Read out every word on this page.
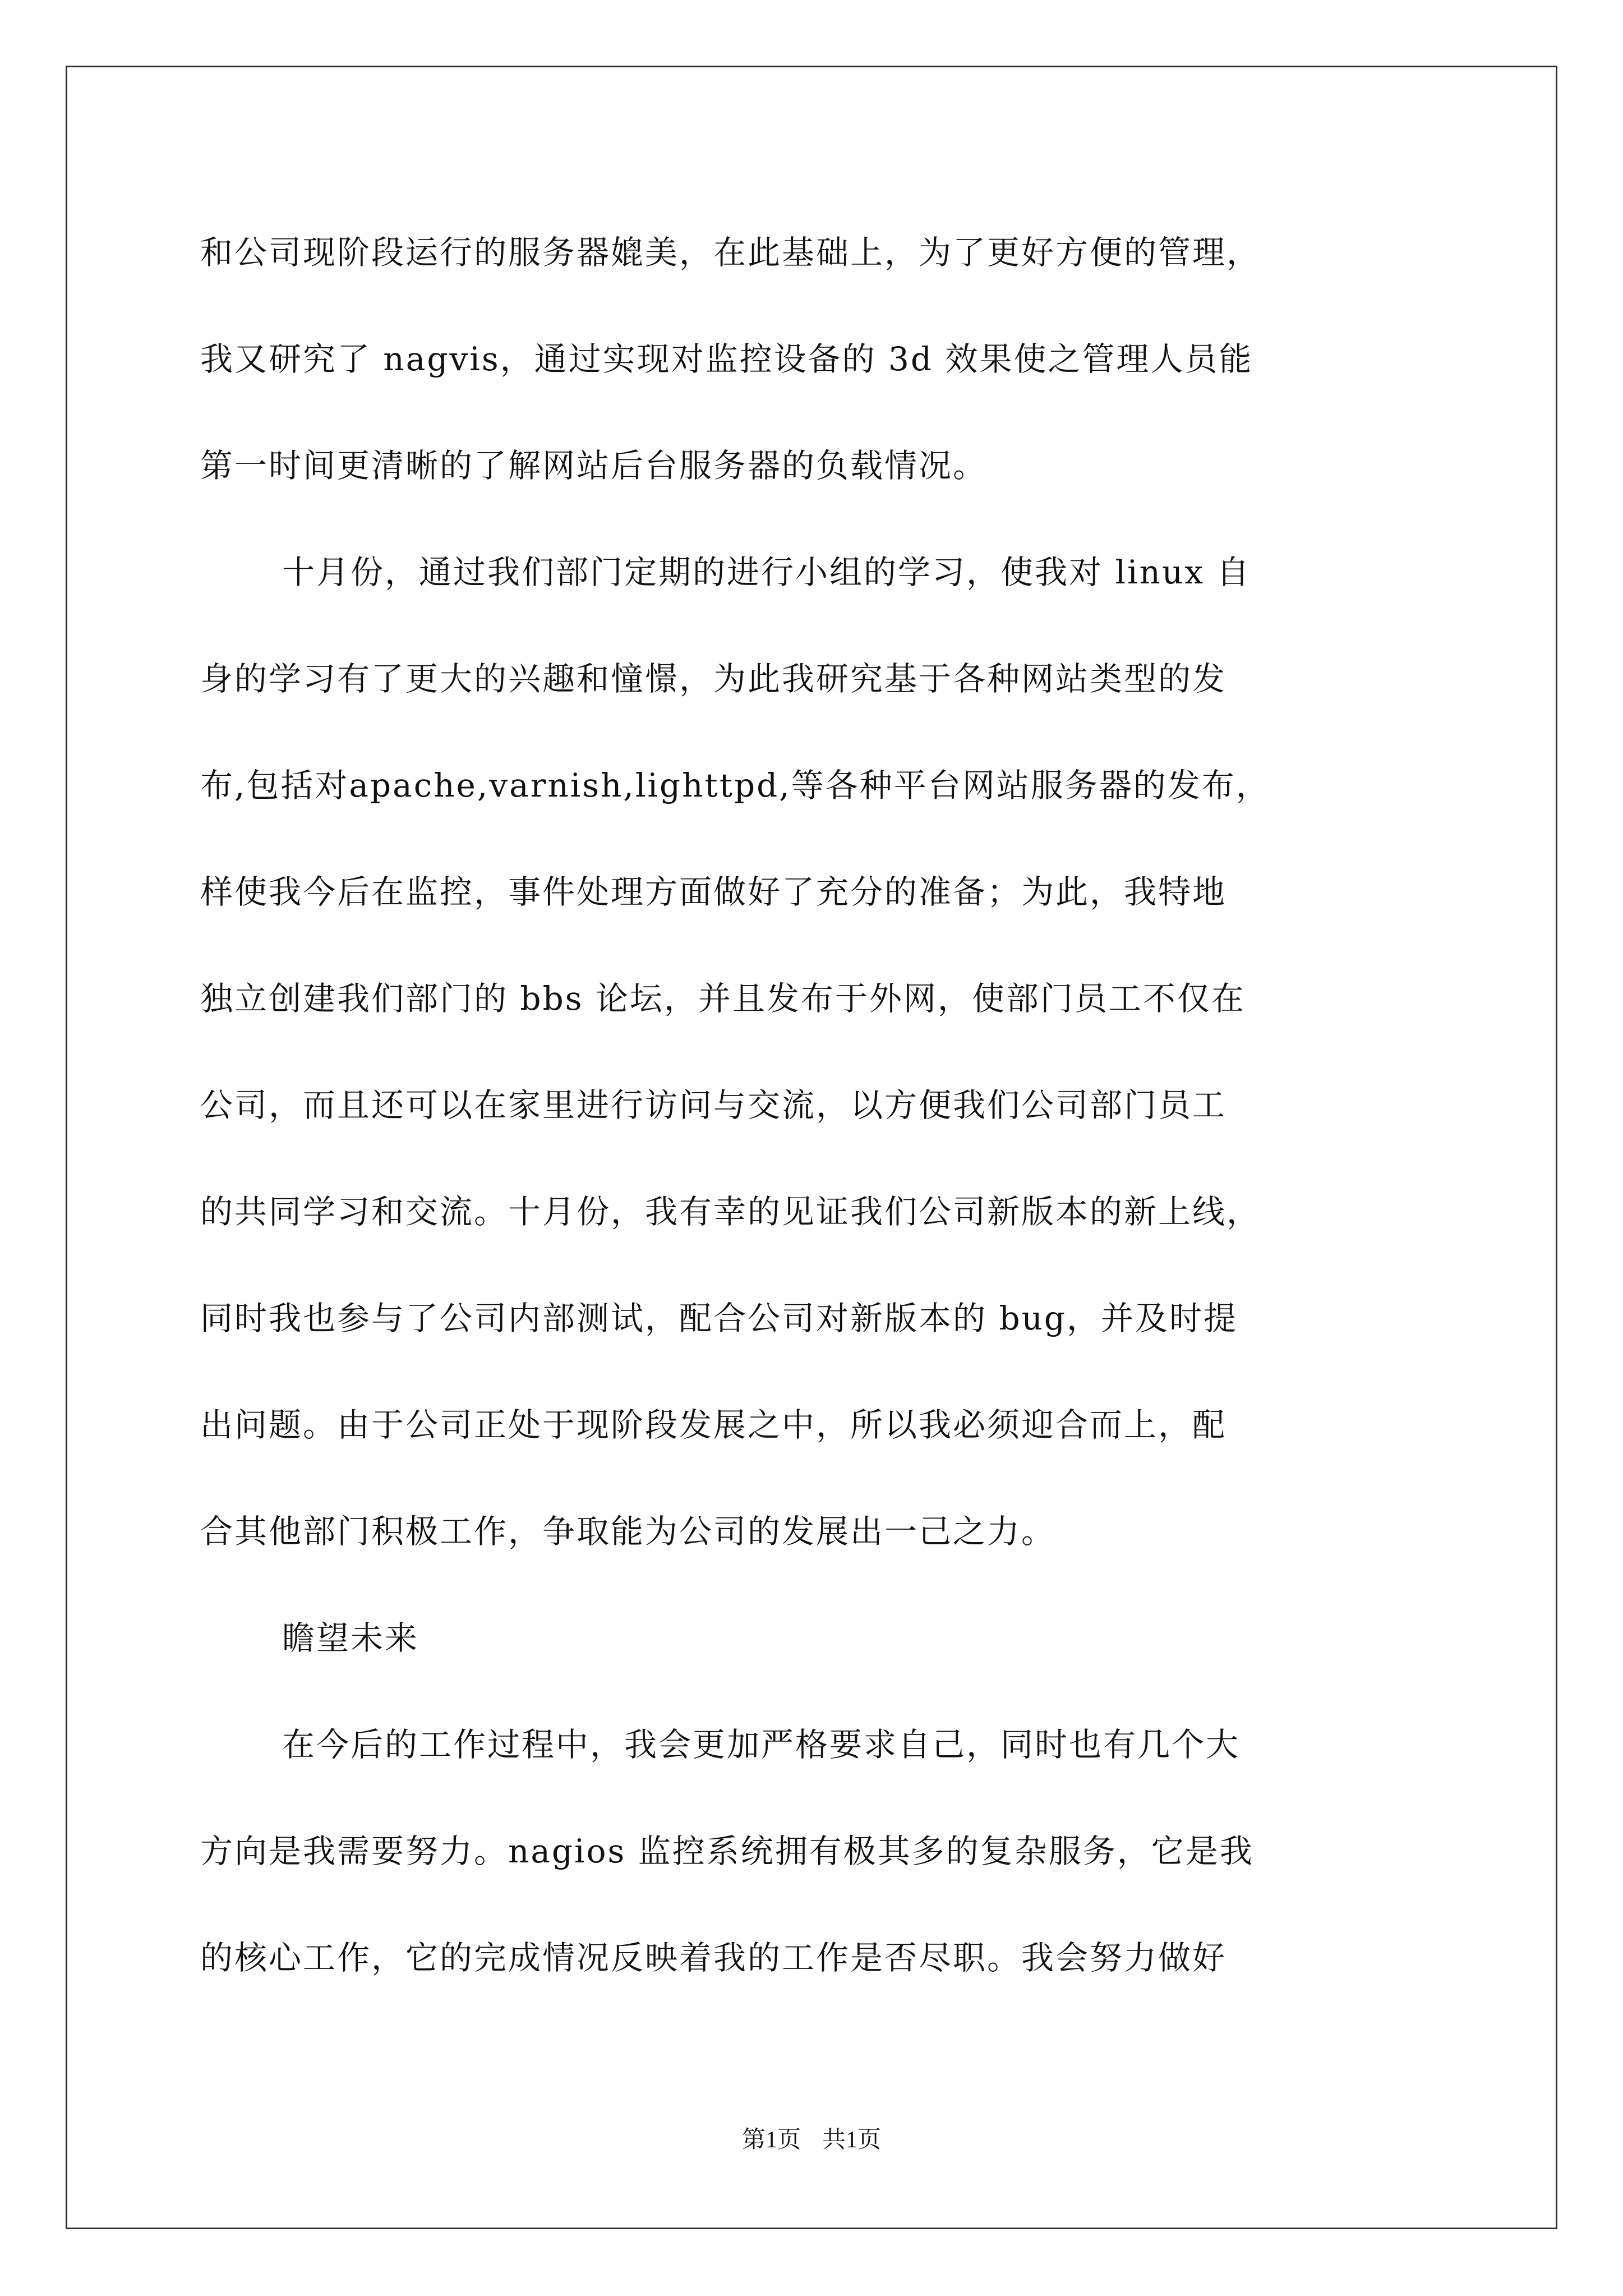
和公司现阶段运行的服务器媲美，在此基础上，为了更好方便的管理，
我又研究了 nagvis，通过实现对监控设备的 3d 效果使之管理人员能
第一时间更清晰的了解网站后台服务器的负载情况。
十月份，通过我们部门定期的进行小组的学习，使我对 linux 自
身的学习有了更大的兴趣和憧憬，为此我研究基于各种网站类型的发
布,包括对apache,varnish,lighttpd,等各种平台网站服务器的发布，
样使我今后在监控，事件处理方面做好了充分的准备；为此，我特地
独立创建我们部门的 bbs 论坛，并且发布于外网，使部门员工不仅在
公司，而且还可以在家里进行访问与交流，以方便我们公司部门员工
的共同学习和交流。十月份，我有幸的见证我们公司新版本的新上线，
同时我也参与了公司内部测试，配合公司对新版本的 bug，并及时提
出问题。由于公司正处于现阶段发展之中，所以我必须迎合而上，配
合其他部门积极工作，争取能为公司的发展出一己之力。
瞻望未来
在今后的工作过程中，我会更加严格要求自己，同时也有几个大
方向是我需要努力。nagios 监控系统拥有极其多的复杂服务，它是我
的核心工作，它的完成情况反映着我的工作是否尽职。我会努力做好
第1页 共1页
